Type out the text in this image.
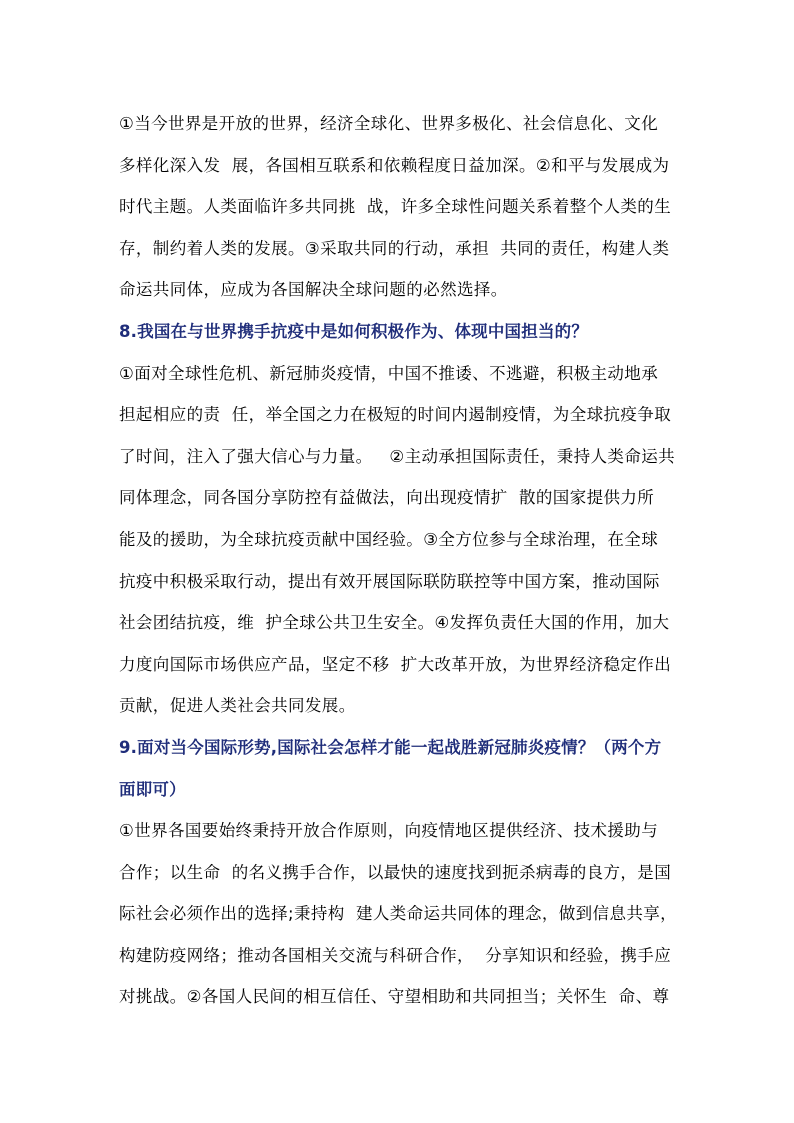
①当今世界是开放的世界，经济全球化、世界多极化、社会信息化、文化
多样化深入发  展，各国相互联系和依赖程度日益加深。②和平与发展成为
时代主题。人类面临许多共同挑  战，许多全球性问题关系着整个人类的生
存，制约着人类的发展。③采取共同的行动，承担  共同的责任，构建人类
命运共同体，应成为各国解决全球问题的必然选择。
8.我国在与世界携手抗疫中是如何积极作为、体现中国担当的？
①面对全球性危机、新冠肺炎疫情，中国不推诿、不逃避，积极主动地承
担起相应的责  任，举全国之力在极短的时间内遏制疫情，为全球抗疫争取
了时间，注入了强大信心与力量。   ②主动承担国际责任，秉持人类命运共
同体理念，同各国分享防控有益做法，向出现疫情扩  散的国家提供力所
能及的援助，为全球抗疫贡献中国经验。③全方位参与全球治理，在全球
抗疫中积极采取行动，提出有效开展国际联防联控等中国方案，推动国际
社会团结抗疫，维  护全球公共卫生安全。④发挥负责任大国的作用，加大
力度向国际市场供应产品，坚定不移  扩大改革开放，为世界经济稳定作出
贡献，促进人类社会共同发展。
9.面对当今国际形势,国际社会怎样才能一起战胜新冠肺炎疫情？（两个方
面即可）
①世界各国要始终秉持开放合作原则，向疫情地区提供经济、技术援助与
合作；以生命  的名义携手合作，以最快的速度找到扼杀病毒的良方，是国
际社会必须作出的选择;秉持构  建人类命运共同体的理念，做到信息共享，
构建防疫网络；推动各国相关交流与科研合作，  分享知识和经验，携手应
对挑战。②各国人民间的相互信任、守望相助和共同担当；关怀生  命、尊
